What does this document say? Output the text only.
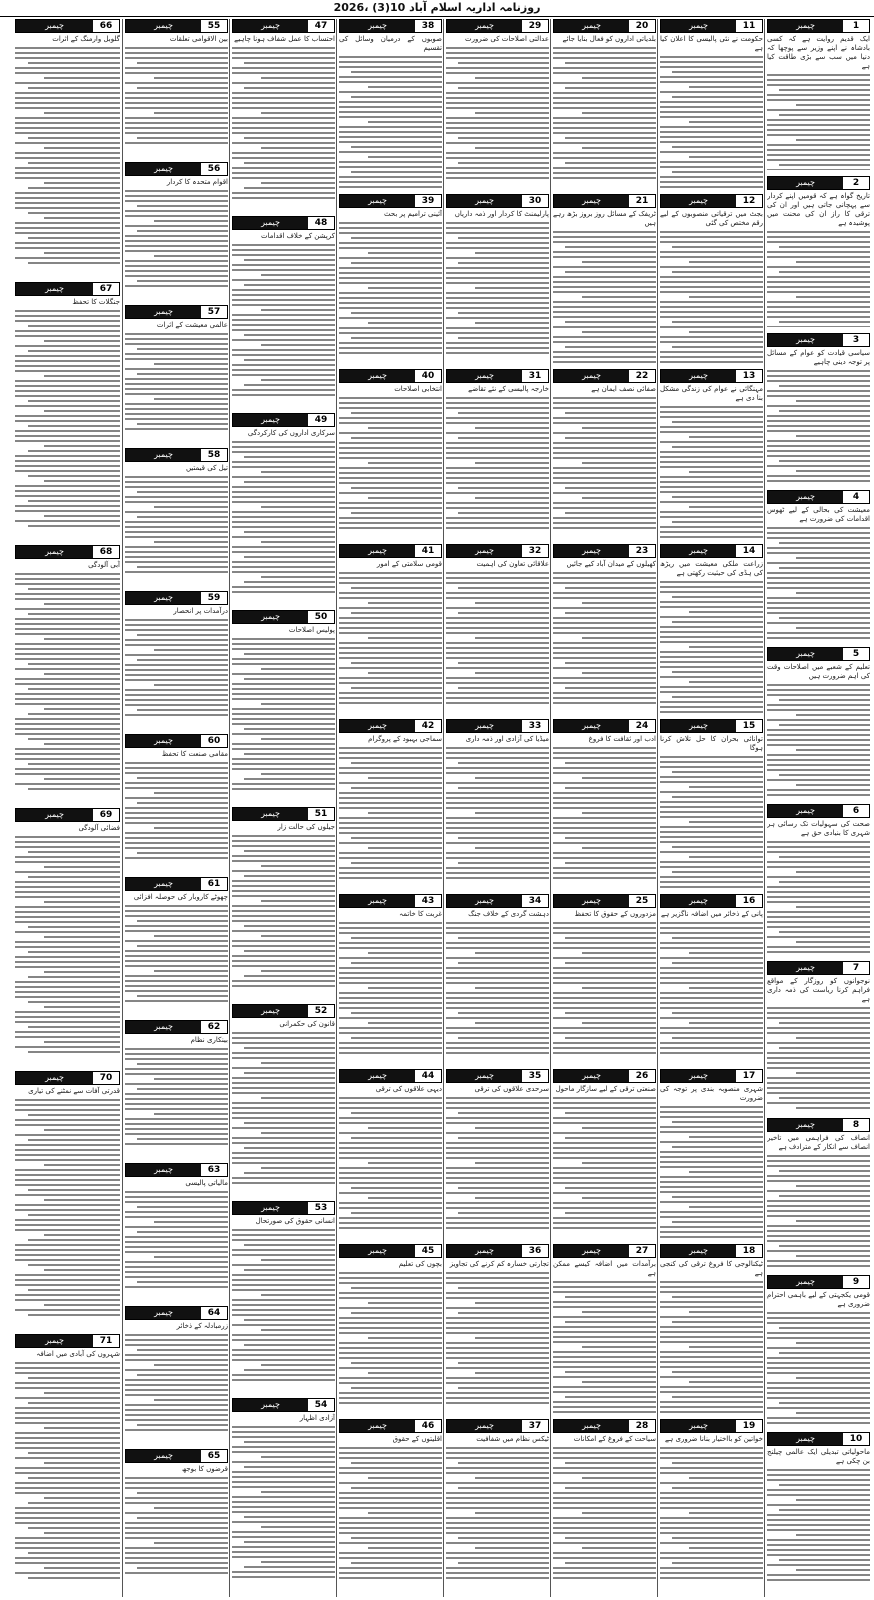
روزنامہ اداریہ اسلام آباد 10(3) ،2026
چیمبر	1
ایک قدیم روایت ہے کہ کسی بادشاہ نے اپنے وزیر سے پوچھا کہ دنیا میں سب سے بڑی طاقت کیا ہے
چیمبر	2
تاریخ گواہ ہے کہ قومیں اپنے کردار سے پہچانی جاتی ہیں اور ان کی ترقی کا راز ان کی محنت میں پوشیدہ ہے
چیمبر	3
سیاسی قیادت کو عوام کے مسائل پر توجہ دینی چاہیے
چیمبر	4
معیشت کی بحالی کے لیے ٹھوس اقدامات کی ضرورت ہے
چیمبر	5
تعلیم کے شعبے میں اصلاحات وقت کی اہم ضرورت ہیں
چیمبر	6
صحت کی سہولیات تک رسائی ہر شہری کا بنیادی حق ہے
چیمبر	7
نوجوانوں کو روزگار کے مواقع فراہم کرنا ریاست کی ذمہ داری ہے
چیمبر	8
انصاف کی فراہمی میں تاخیر انصاف سے انکار کے مترادف ہے
چیمبر	9
قومی یکجہتی کے لیے باہمی احترام ضروری ہے
چیمبر	10
ماحولیاتی تبدیلی ایک عالمی چیلنج بن چکی ہے
چیمبر	11
حکومت نے نئی پالیسی کا اعلان کیا ہے
چیمبر	12
بجٹ میں ترقیاتی منصوبوں کے لیے رقم مختص کی گئی
چیمبر	13
مہنگائی نے عوام کی زندگی مشکل بنا دی ہے
چیمبر	14
زراعت ملکی معیشت میں ریڑھ کی ہڈی کی حیثیت رکھتی ہے
چیمبر	15
توانائی بحران کا حل تلاش کرنا ہوگا
چیمبر	16
پانی کے ذخائر میں اضافہ ناگزیر ہے
چیمبر	17
شہری منصوبہ بندی پر توجہ کی ضرورت
چیمبر	18
ٹیکنالوجی کا فروغ ترقی کی کنجی ہے
چیمبر	19
خواتین کو بااختیار بنانا ضروری ہے
چیمبر	20
بلدیاتی اداروں کو فعال بنایا جائے
چیمبر	21
ٹریفک کے مسائل روز بروز بڑھ رہے ہیں
چیمبر	22
صفائی نصف ایمان ہے
چیمبر	23
کھیلوں کے میدان آباد کیے جائیں
چیمبر	24
ادب اور ثقافت کا فروغ
چیمبر	25
مزدوروں کے حقوق کا تحفظ
چیمبر	26
صنعتی ترقی کے لیے سازگار ماحول
چیمبر	27
برآمدات میں اضافہ کیسے ممکن ہے
چیمبر	28
سیاحت کے فروغ کے امکانات
چیمبر	29
عدالتی اصلاحات کی ضرورت
چیمبر	30
پارلیمنٹ کا کردار اور ذمہ داریاں
چیمبر	31
خارجہ پالیسی کے نئے تقاضے
چیمبر	32
علاقائی تعاون کی اہمیت
چیمبر	33
میڈیا کی آزادی اور ذمہ داری
چیمبر	34
دہشت گردی کے خلاف جنگ
چیمبر	35
سرحدی علاقوں کی ترقی
چیمبر	36
تجارتی خسارہ کم کرنے کی تجاویز
چیمبر	37
ٹیکس نظام میں شفافیت
چیمبر	38
صوبوں کے درمیان وسائل کی تقسیم
چیمبر	39
آئینی ترامیم پر بحث
چیمبر	40
انتخابی اصلاحات
چیمبر	41
قومی سلامتی کے امور
چیمبر	42
سماجی بہبود کے پروگرام
چیمبر	43
غربت کا خاتمہ
چیمبر	44
دیہی علاقوں کی ترقی
چیمبر	45
بچوں کی تعلیم
چیمبر	46
اقلیتوں کے حقوق
چیمبر	47
احتساب کا عمل شفاف ہونا چاہیے
چیمبر	48
کرپشن کے خلاف اقدامات
چیمبر	49
سرکاری اداروں کی کارکردگی
چیمبر	50
پولیس اصلاحات
چیمبر	51
جیلوں کی حالت زار
چیمبر	52
قانون کی حکمرانی
چیمبر	53
انسانی حقوق کی صورتحال
چیمبر	54
آزادی اظہار
چیمبر	55
بین الاقوامی تعلقات
چیمبر	56
اقوام متحدہ کا کردار
چیمبر	57
عالمی معیشت کے اثرات
چیمبر	58
تیل کی قیمتیں
چیمبر	59
درآمدات پر انحصار
چیمبر	60
مقامی صنعت کا تحفظ
چیمبر	61
چھوٹے کاروبار کی حوصلہ افزائی
چیمبر	62
بینکاری نظام
چیمبر	63
مالیاتی پالیسی
چیمبر	64
زرمبادلہ کے ذخائر
چیمبر	65
قرضوں کا بوجھ
چیمبر	66
گلوبل وارمنگ کے اثرات
چیمبر	67
جنگلات کا تحفظ
چیمبر	68
آبی آلودگی
چیمبر	69
فضائی آلودگی
چیمبر	70
قدرتی آفات سے نمٹنے کی تیاری
چیمبر	71
شہروں کی آبادی میں اضافہ
